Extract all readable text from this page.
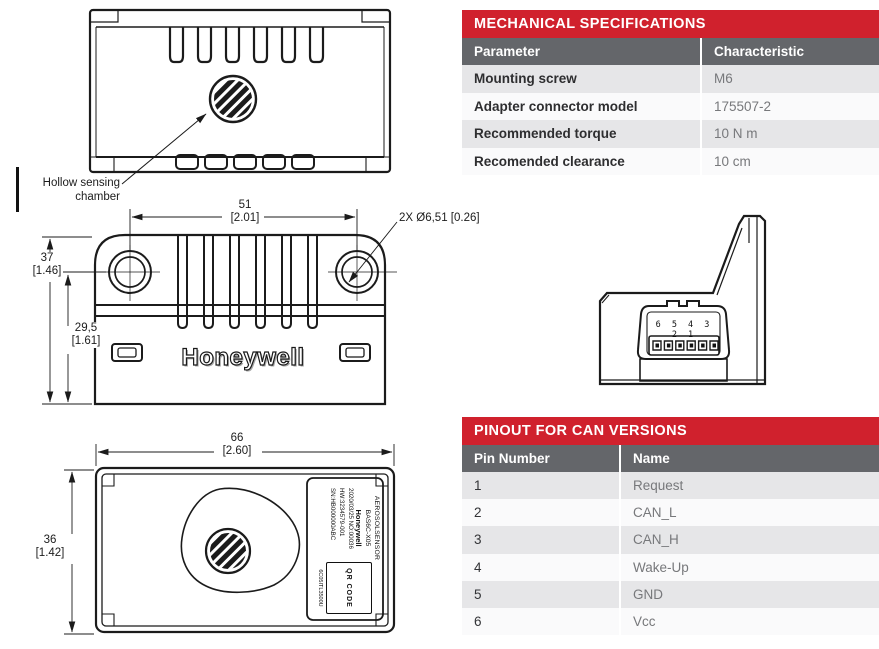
Hollow sensing
chamber
51
[2.01]	2X Ø6,51 [0.26]
37
[1.46]
29,5
[1.61]
Honeywell
66
[2.60]
36
[1.42]	AEROSOLSENSOR
BAS6C-X05
Honeywell
2020/03/25 NO:00036
HW:3234579-001
SN:HB000000ABC
QR CODE
6C05ITL3500U
6 5 4 3 2 1
MECHANICAL SPECIFICATIONS
Parameter	Characteristic
Mounting screw	M6
Adapter connector model	175507-2
Recommended torque	10 N m
Recomended clearance	10 cm
PINOUT FOR CAN VERSIONS
Pin Number	Name
1	Request
2	CAN_L
3	CAN_H
4	Wake-Up
5	GND
6	Vcc
